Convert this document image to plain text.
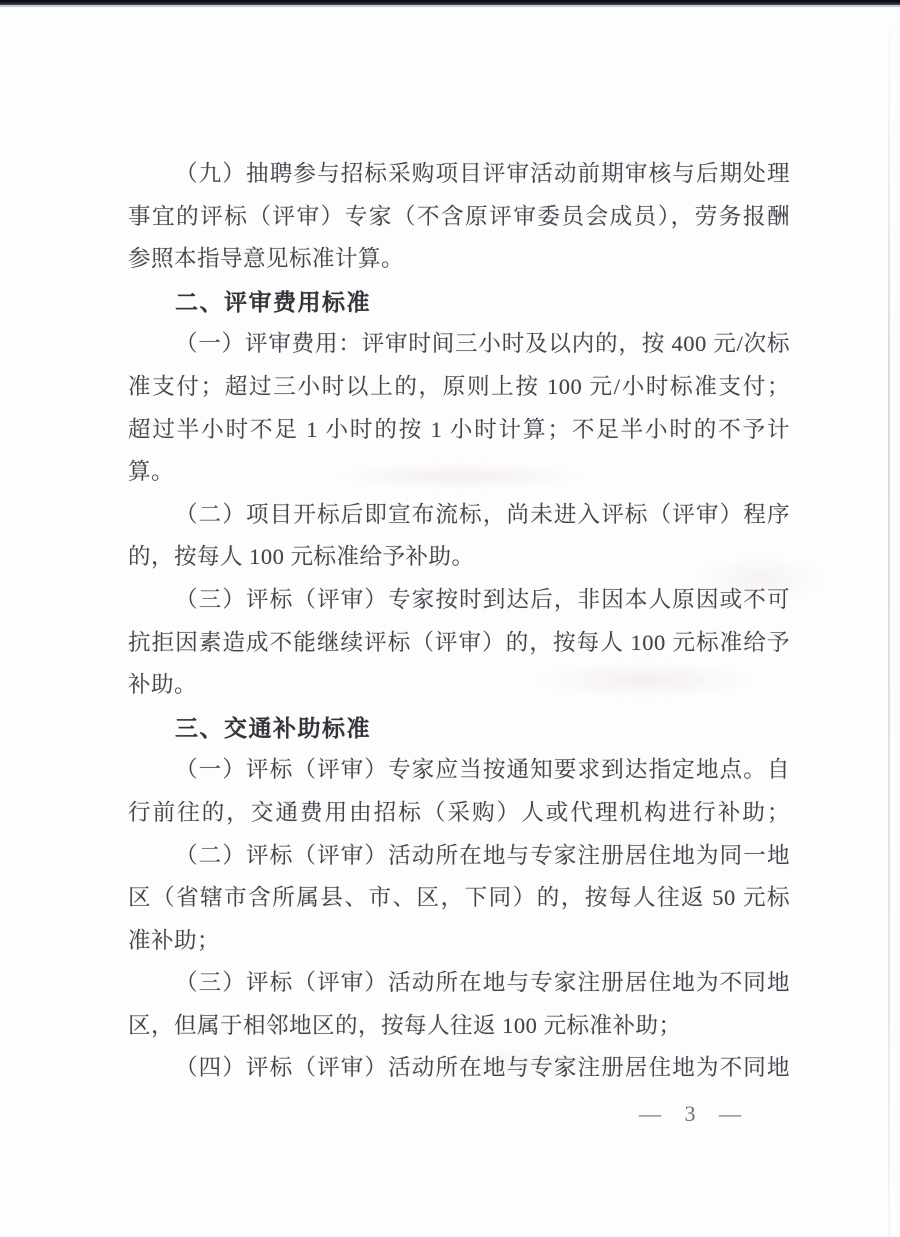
（九）抽聘参与招标采购项目评审活动前期审核与后期处理
事宜的评标（评审）专家（不含原评审委员会成员），劳务报酬
参照本指导意见标准计算。
二、评审费用标准
（一）评审费用：评审时间三小时及以内的，按 400 元/次标
准支付；超过三小时以上的，原则上按 100 元/小时标准支付；
超过半小时不足 1 小时的按 1 小时计算；不足半小时的不予计
算。
（二）项目开标后即宣布流标，尚未进入评标（评审）程序
的，按每人 100 元标准给予补助。
（三）评标（评审）专家按时到达后，非因本人原因或不可
抗拒因素造成不能继续评标（评审）的，按每人 100 元标准给予
补助。
三、交通补助标准
（一）评标（评审）专家应当按通知要求到达指定地点。自
行前往的，交通费用由招标（采购）人或代理机构进行补助；
（二）评标（评审）活动所在地与专家注册居住地为同一地
区（省辖市含所属县、市、区，下同）的，按每人往返 50 元标
准补助；
（三）评标（评审）活动所在地与专家注册居住地为不同地
区，但属于相邻地区的，按每人往返 100 元标准补助；
（四）评标（评审）活动所在地与专家注册居住地为不同地
— 3 —
